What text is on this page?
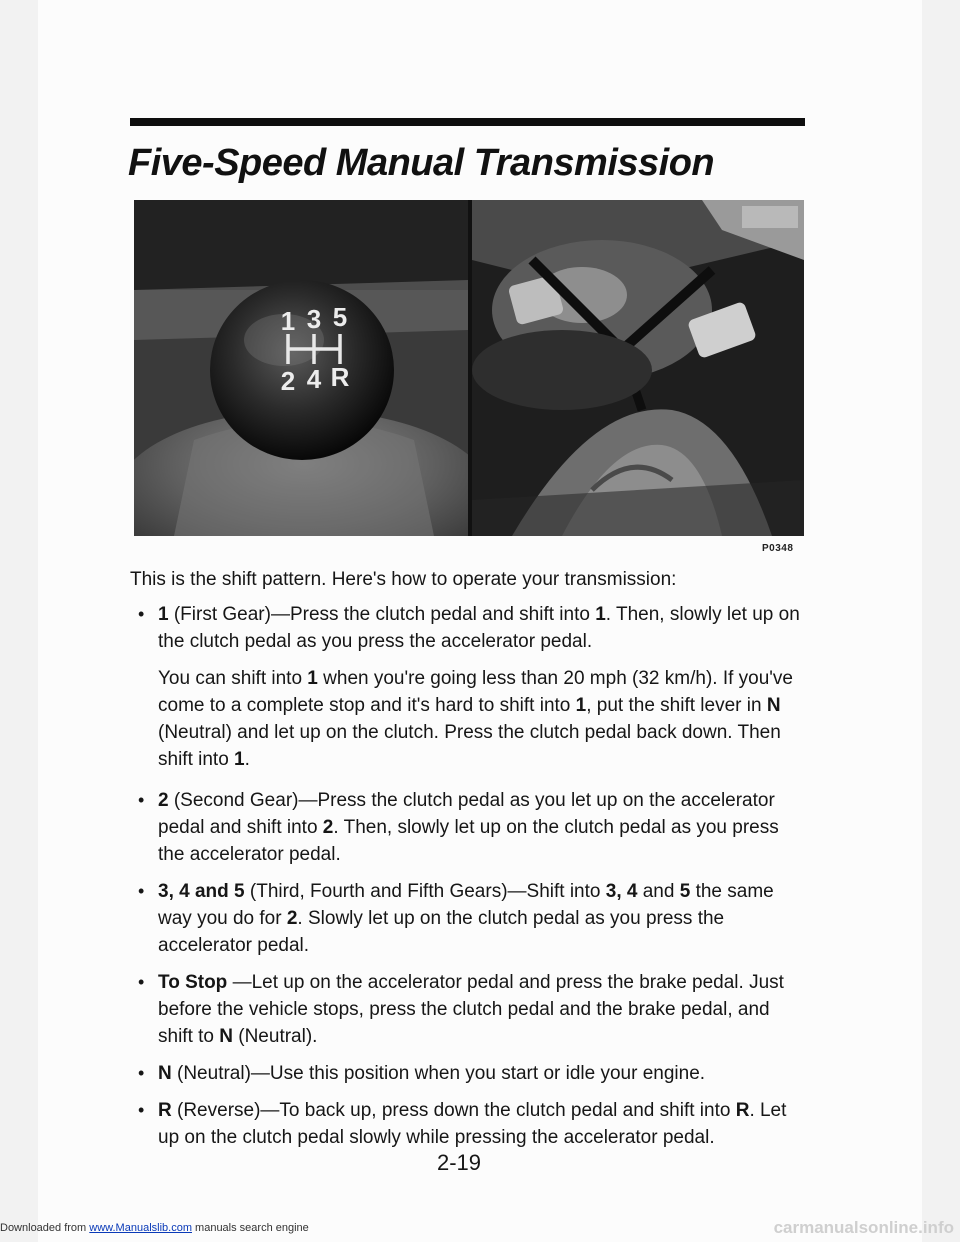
Five-Speed Manual Transmission
1 3 5
2 4 R
P0348

This is the shift pattern. Here's how to operate your transmission:

• 1 (First Gear)—Press the clutch pedal and shift into 1. Then, slowly let up on the clutch pedal as you press the accelerator pedal.

You can shift into 1 when you're going less than 20 mph (32 km/h). If you've come to a complete stop and it's hard to shift into 1, put the shift lever in N (Neutral) and let up on the clutch. Press the clutch pedal back down. Then shift into 1.

• 2 (Second Gear)—Press the clutch pedal as you let up on the accelerator pedal and shift into 2. Then, slowly let up on the clutch pedal as you press the accelerator pedal.
• 3, 4 and 5 (Third, Fourth and Fifth Gears)—Shift into 3, 4 and 5 the same way you do for 2. Slowly let up on the clutch pedal as you press the accelerator pedal.
• To Stop —Let up on the accelerator pedal and press the brake pedal. Just before the vehicle stops, press the clutch pedal and the brake pedal, and shift to N (Neutral).
• N (Neutral)—Use this position when you start or idle your engine.
• R (Reverse)—To back up, press down the clutch pedal and shift into R. Let up on the clutch pedal slowly while pressing the accelerator pedal.
2-19
Downloaded from www.Manualslib.com manuals search engine	carmanualsonline.info
